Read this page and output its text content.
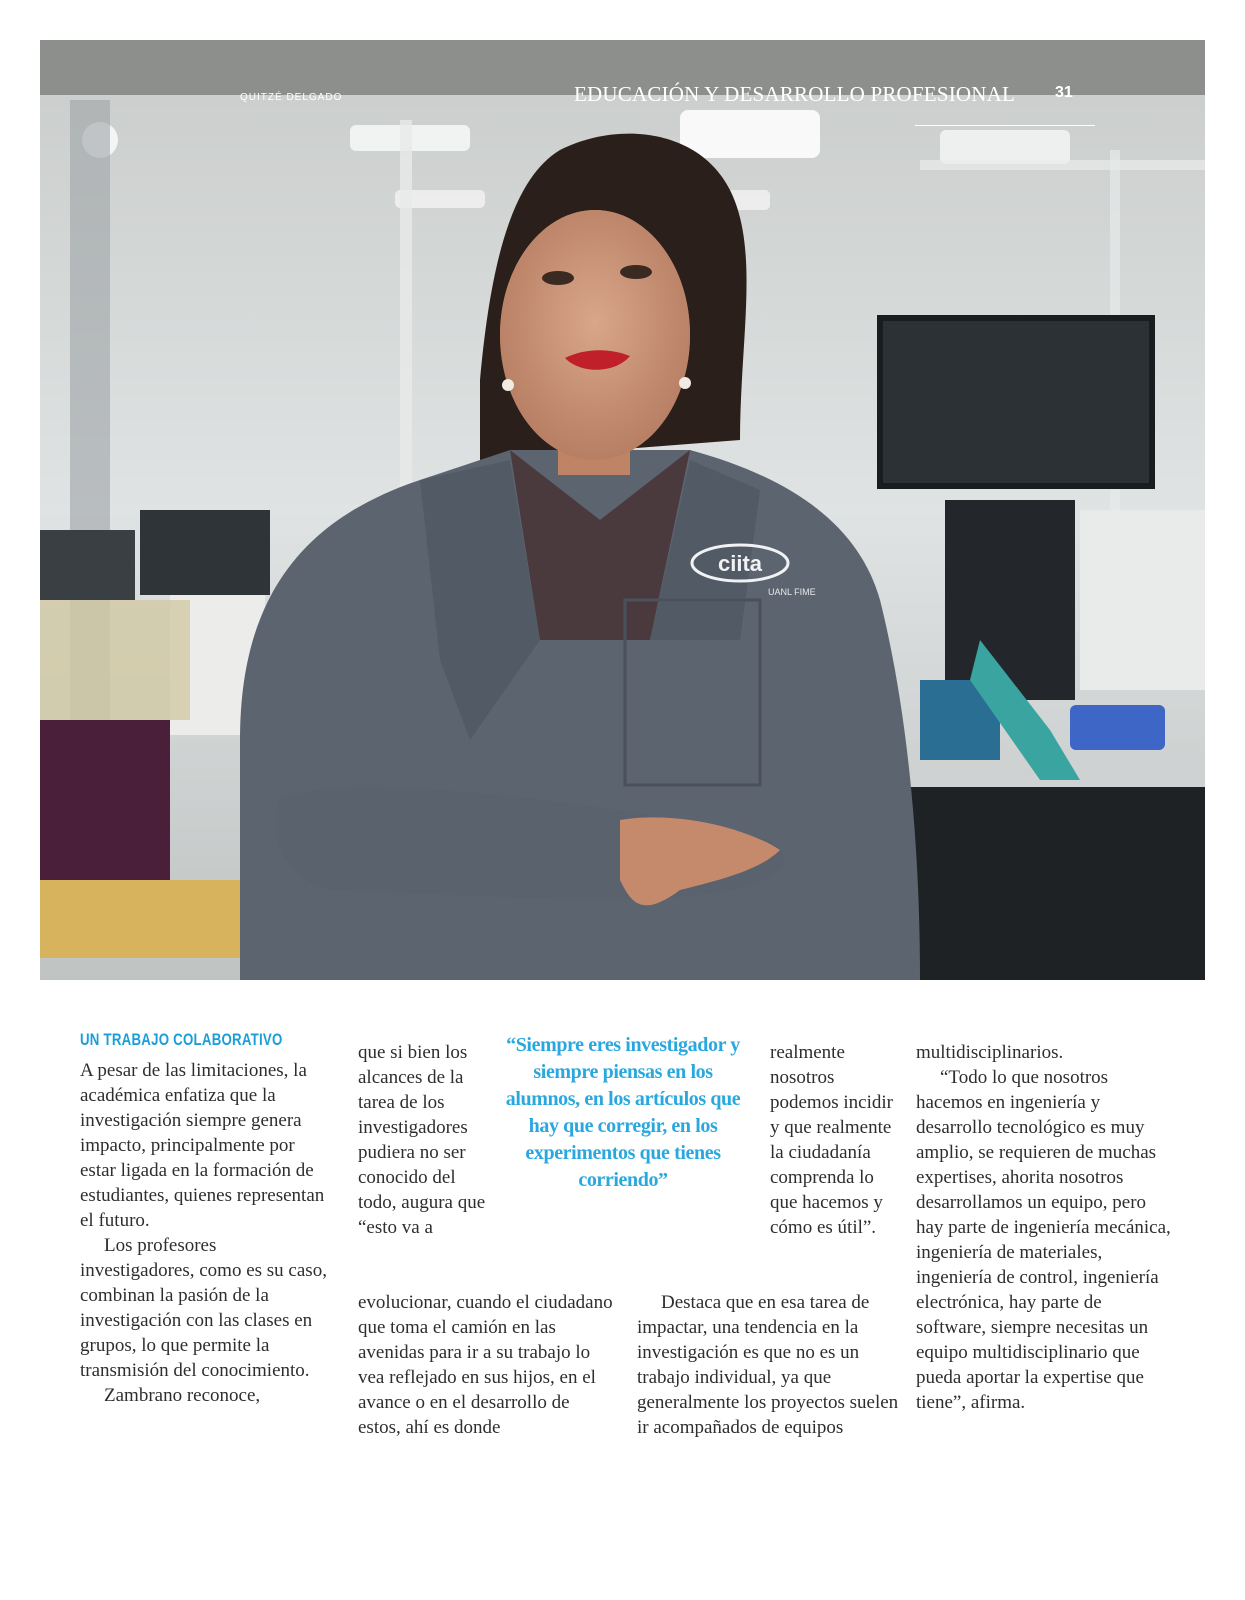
ciita
UANL FIME
QUITZÉ DELGADO	EDUCACIÓN Y DESARROLLO PROFESIONAL 31
UN TRABAJO COLABORATIVO

A pesar de las limitaciones, la académica enfatiza que la investigación siempre genera impacto, principalmente por estar ligada en la formación de estudiantes, quienes representan el futuro.

Los profesores investigadores, como es su caso, combinan la pasión de la investigación con las clases en grupos, lo que permite la transmisión del conocimiento.

Zambrano reconoce,

que si bien los alcances de la tarea de los investigadores pudiera no ser conocido del todo, augura que “esto va a

evolucionar, cuando el ciudadano que toma el camión en las avenidas para ir a su trabajo lo vea reflejado en sus hijos, en el avance o en el desarrollo de estos, ahí es donde

“Siempre eres investigador y siempre piensas en los alumnos, en los artículos que hay que corregir, en los experimentos que tienes corriendo”

realmente nosotros podemos incidir y que realmente la ciudadanía comprenda lo que hacemos y cómo es útil”.

Destaca que en esa tarea de impactar, una tendencia en la investigación es que no es un trabajo individual, ya que generalmente los proyectos suelen ir acompañados de equipos

multidisciplinarios.

“Todo lo que nosotros hacemos en ingeniería y desarrollo tecnológico es muy amplio, se requieren de muchas expertises, ahorita nosotros desarrollamos un equipo, pero hay parte de ingeniería mecánica, ingeniería de materiales, ingeniería de control, ingeniería electrónica, hay parte de software, siempre necesitas un equipo multidisciplinario que pueda aportar la expertise que tiene”, afirma.
